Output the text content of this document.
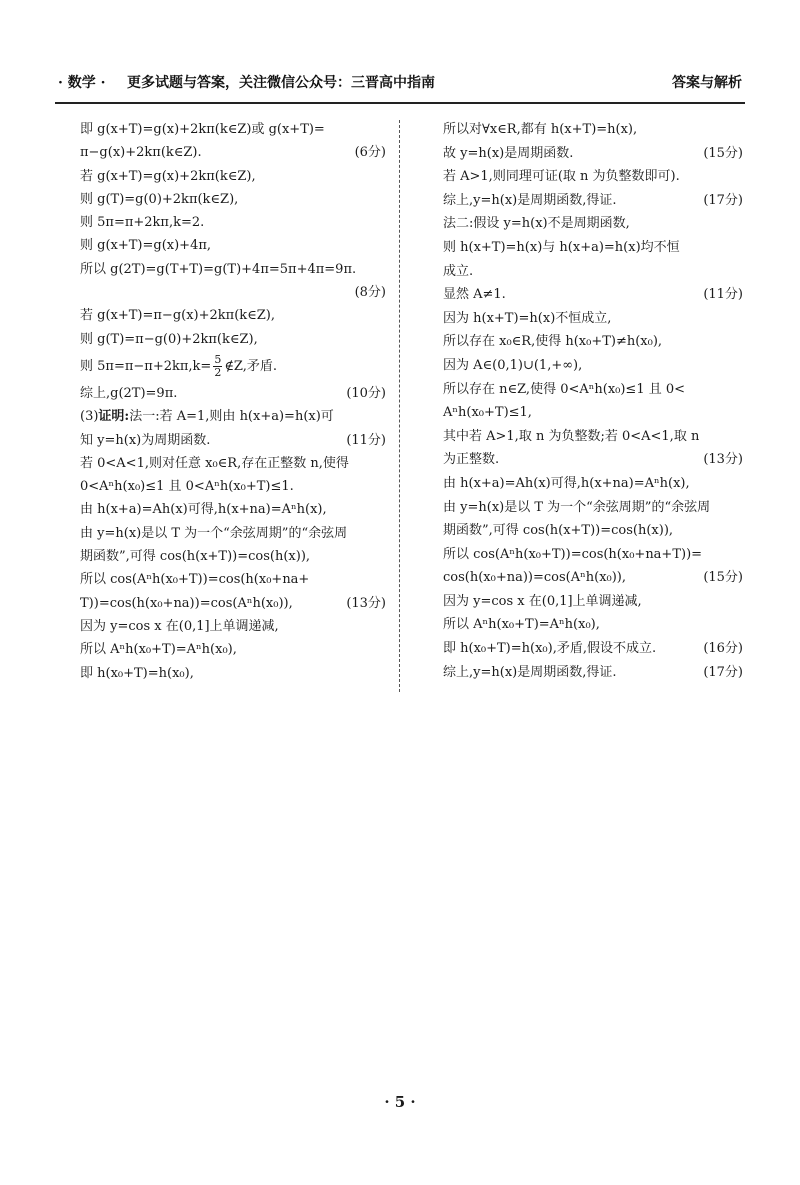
· 数学 · 更多试题与答案，关注微信公众号：三晋高中指南	答案与解析
即 g(x+T)=g(x)+2kπ(k∈Z)或 g(x+T)=
π−g(x)+2kπ(k∈Z).	(6分)
若 g(x+T)=g(x)+2kπ(k∈Z),
则 g(T)=g(0)+2kπ(k∈Z),
则 5π=π+2kπ,k=2.
则 g(x+T)=g(x)+4π,
所以 g(2T)=g(T+T)=g(T)+4π=5π+4π=9π.
(8分)
若 g(x+T)=π−g(x)+2kπ(k∈Z),
则 g(T)=π−g(0)+2kπ(k∈Z),
则 $5\pi=\pi-\pi+2k\pi,k= \frac{5}{2}$ ∉Z,矛盾.
综上,g(2T)=9π.	(10分)
(3)证明:法一:若 A=1,则由 h(x+a)=h(x)可
知 y=h(x)为周期函数.	(11分)
若 0<A<1,则对任意 x₀∈R,存在正整数 n,使得
0<Aⁿh(x₀)≤1 且 0<Aⁿh(x₀+T)≤1.
由 h(x+a)=Ah(x)可得,h(x+na)=Aⁿh(x),
由 y=h(x)是以 T 为一个“余弦周期”的“余弦周
期函数”,可得 cos(h(x+T))=cos(h(x)),
所以 cos(Aⁿh(x₀+T))=cos(h(x₀+na+
T))=cos(h(x₀+na))=cos(Aⁿh(x₀)),	(13分)
因为 y=cos x 在(0,1]上单调递减,
所以 Aⁿh(x₀+T)=Aⁿh(x₀),
即 h(x₀+T)=h(x₀),
所以对∀x∈R,都有 h(x+T)=h(x),
故 y=h(x)是周期函数.	(15分)
若 A>1,则同理可证(取 n 为负整数即可).
综上,y=h(x)是周期函数,得证.	(17分)
法二:假设 y=h(x)不是周期函数,
则 h(x+T)=h(x)与 h(x+a)=h(x)均不恒
成立.
显然 A≠1.	(11分)
因为 h(x+T)=h(x)不恒成立,
所以存在 x₀∈R,使得 h(x₀+T)≠h(x₀),
因为 A∈(0,1)∪(1,+∞),
所以存在 n∈Z,使得 0<Aⁿh(x₀)≤1 且 0<
Aⁿh(x₀+T)≤1,
其中若 A>1,取 n 为负整数;若 0<A<1,取 n
为正整数.	(13分)
由 h(x+a)=Ah(x)可得,h(x+na)=Aⁿh(x),
由 y=h(x)是以 T 为一个“余弦周期”的“余弦周
期函数”,可得 cos(h(x+T))=cos(h(x)),
所以 cos(Aⁿh(x₀+T))=cos(h(x₀+na+T))=
cos(h(x₀+na))=cos(Aⁿh(x₀)),	(15分)
因为 y=cos x 在(0,1]上单调递减,
所以 Aⁿh(x₀+T)=Aⁿh(x₀),
即 h(x₀+T)=h(x₀),矛盾,假设不成立.	(16分)
综上,y=h(x)是周期函数,得证.	(17分)
· 5 ·
